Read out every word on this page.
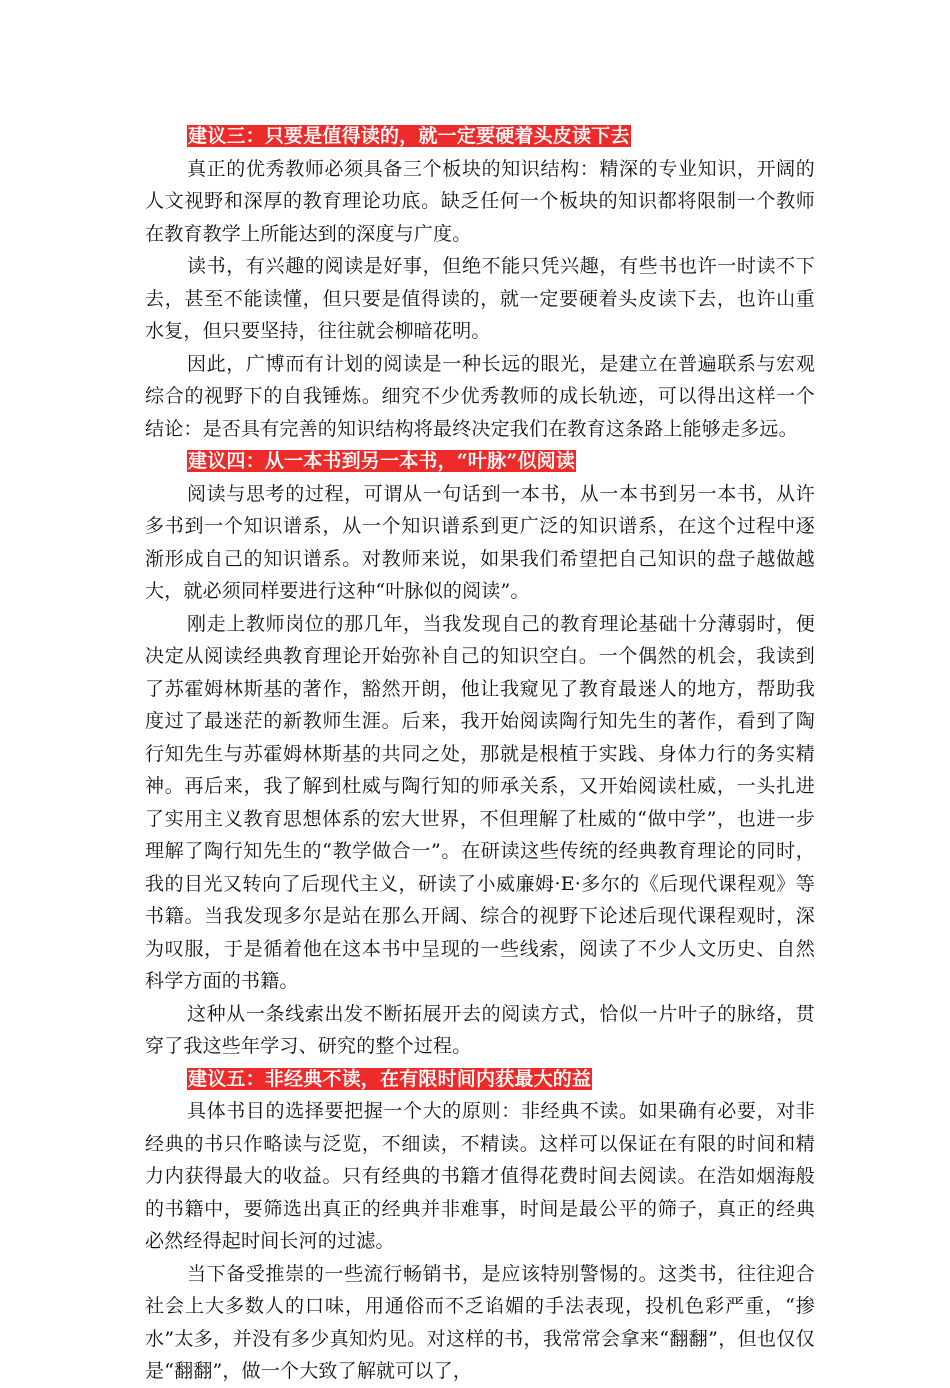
建议三：只要是值得读的，就一定要硬着头皮读下去

真正的优秀教师必须具备三个板块的知识结构：精深的专业知识，开阔的人文视野和深厚的教育理论功底。缺乏任何一个板块的知识都将限制一个教师在教育教学上所能达到的深度与广度。

读书，有兴趣的阅读是好事，但绝不能只凭兴趣，有些书也许一时读不下去，甚至不能读懂，但只要是值得读的，就一定要硬着头皮读下去，也许山重水复，但只要坚持，往往就会柳暗花明。

因此，广博而有计划的阅读是一种长远的眼光，是建立在普遍联系与宏观综合的视野下的自我锤炼。细究不少优秀教师的成长轨迹，可以得出这样一个结论：是否具有完善的知识结构将最终决定我们在教育这条路上能够走多远。

建议四：从一本书到另一本书，“叶脉”似阅读

阅读与思考的过程，可谓从一句话到一本书，从一本书到另一本书，从许多书到一个知识谱系，从一个知识谱系到更广泛的知识谱系，在这个过程中逐渐形成自己的知识谱系。对教师来说，如果我们希望把自己知识的盘子越做越大，就必须同样要进行这种“叶脉似的阅读”。

刚走上教师岗位的那几年，当我发现自己的教育理论基础十分薄弱时，便决定从阅读经典教育理论开始弥补自己的知识空白。一个偶然的机会，我读到了苏霍姆林斯基的著作，豁然开朗，他让我窥见了教育最迷人的地方，帮助我度过了最迷茫的新教师生涯。后来，我开始阅读陶行知先生的著作，看到了陶行知先生与苏霍姆林斯基的共同之处，那就是根植于实践、身体力行的务实精神。再后来，我了解到杜威与陶行知的师承关系，又开始阅读杜威，一头扎进了实用主义教育思想体系的宏大世界，不但理解了杜威的“做中学”，也进一步理解了陶行知先生的“教学做合一”。在研读这些传统的经典教育理论的同时，我的目光又转向了后现代主义，研读了小威廉姆·E·多尔的《后现代课程观》等书籍。当我发现多尔是站在那么开阔、综合的视野下论述后现代课程观时，深为叹服，于是循着他在这本书中呈现的一些线索，阅读了不少人文历史、自然科学方面的书籍。

这种从一条线索出发不断拓展开去的阅读方式，恰似一片叶子的脉络，贯穿了我这些年学习、研究的整个过程。

建议五：非经典不读，在有限时间内获最大的益

具体书目的选择要把握一个大的原则：非经典不读。如果确有必要，对非经典的书只作略读与泛览，不细读，不精读。这样可以保证在有限的时间和精力内获得最大的收益。只有经典的书籍才值得花费时间去阅读。在浩如烟海般的书籍中，要筛选出真正的经典并非难事，时间是最公平的筛子，真正的经典必然经得起时间长河的过滤。

当下备受推崇的一些流行畅销书，是应该特别警惕的。这类书，往往迎合社会上大多数人的口味，用通俗而不乏谄媚的手法表现，投机色彩严重，“掺水”太多，并没有多少真知灼见。对这样的书，我常常会拿来“翻翻”，但也仅仅是“翻翻”，做一个大致了解就可以了，
